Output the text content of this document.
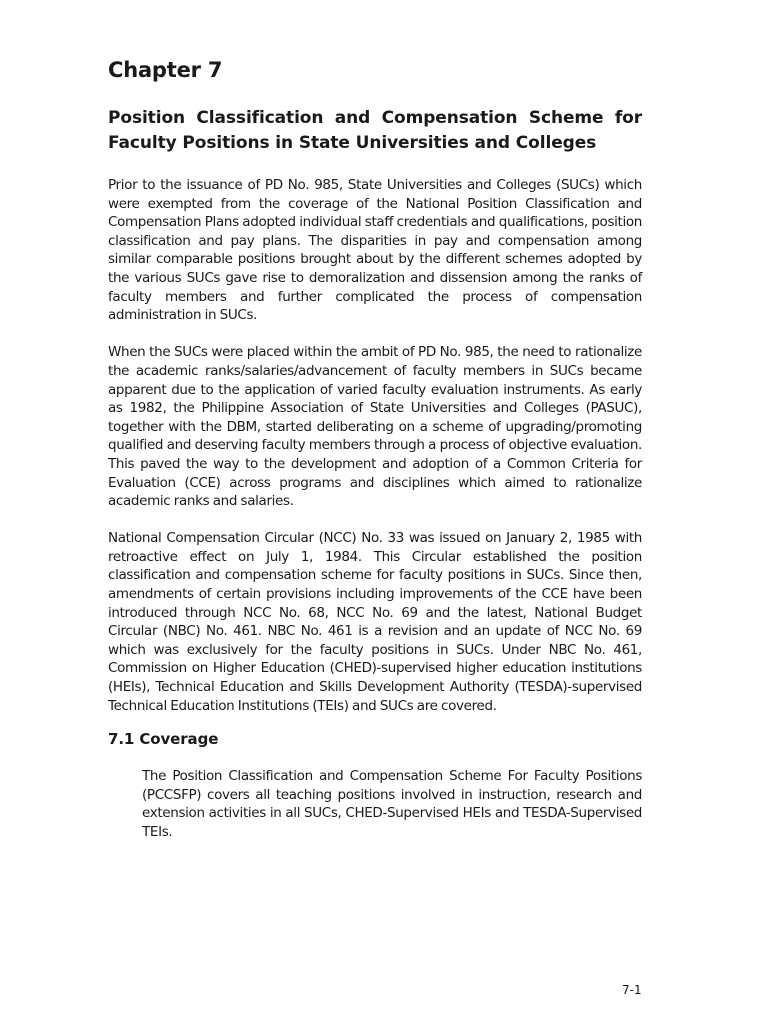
Chapter 7
Position Classification and Compensation Scheme for Faculty Positions in State Universities and Colleges

Prior to the issuance of PD No. 985, State Universities and Colleges (SUCs) which were exempted from the coverage of the National Position Classification and Compensation Plans adopted individual staff credentials and qualifications, position classification and pay plans. The disparities in pay and compensation among similar comparable positions brought about by the different schemes adopted by the various SUCs gave rise to demoralization and dissension among the ranks of faculty members and further complicated the process of compensation administration in SUCs.

When the SUCs were placed within the ambit of PD No. 985, the need to rationalize the academic ranks/salaries/advancement of faculty members in SUCs became apparent due to the application of varied faculty evaluation instruments. As early as 1982, the Philippine Association of State Universities and Colleges (PASUC), together with the DBM, started deliberating on a scheme of upgrading/promoting qualified and deserving faculty members through a process of objective evaluation. This paved the way to the development and adoption of a Common Criteria for Evaluation (CCE) across programs and disciplines which aimed to rationalize academic ranks and salaries.

National Compensation Circular (NCC) No. 33 was issued on January 2, 1985 with retroactive effect on July 1, 1984. This Circular established the position classification and compensation scheme for faculty positions in SUCs. Since then, amendments of certain provisions including improvements of the CCE have been introduced through NCC No. 68, NCC No. 69 and the latest, National Budget Circular (NBC) No. 461. NBC No. 461 is a revision and an update of NCC No. 69 which was exclusively for the faculty positions in SUCs. Under NBC No. 461, Commission on Higher Education (CHED)-supervised higher education institutions (HEIs), Technical Education and Skills Development Authority (TESDA)-supervised Technical Education Institutions (TEIs) and SUCs are covered.

7.1 Coverage

The Position Classification and Compensation Scheme For Faculty Positions (PCCSFP) covers all teaching positions involved in instruction, research and extension activities in all SUCs, CHED-Supervised HEIs and TESDA-Supervised TEIs.

7-1
